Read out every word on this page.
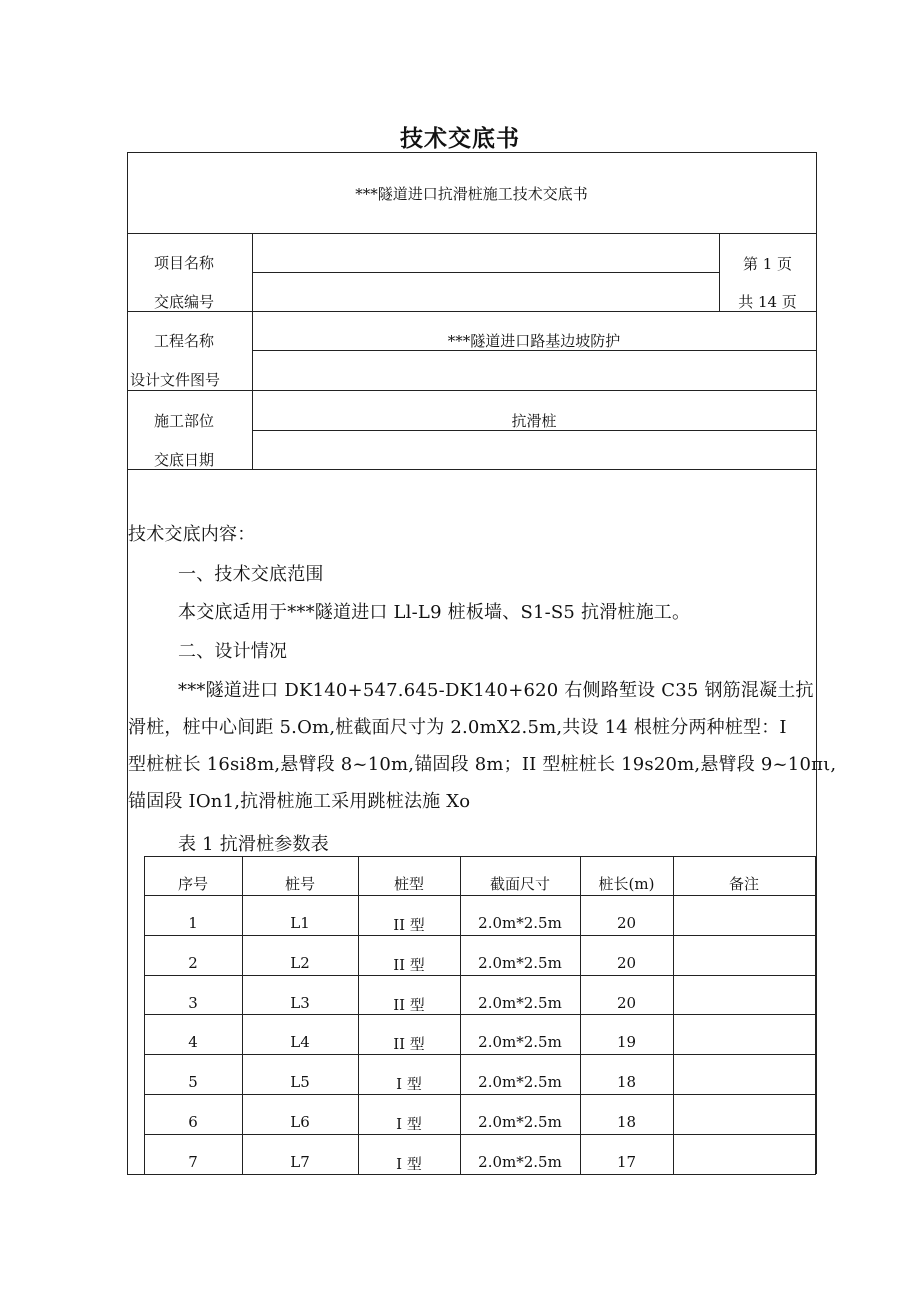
技术交底书
***隧道进口抗滑桩施工技术交底书
项目名称
交底编号
第 1 页
共 14 页
工程名称	***隧道进口路基边坡防护
设计文件图号
施工部位	抗滑桩
交底日期
技术交底内容：
一、技术交底范围
本交底适用于***隧道进口 Ll-L9 桩板墙、S1-S5 抗滑桩施工。
二、设计情况
***隧道进口 DK140+547.645-DK140+620 右侧路堑设 C35 钢筋混凝土抗
滑桩，桩中心间距 5.Om,桩截面尺寸为 2.0mX2.5m,共设 14 根桩分两种桩型：I
型桩桩长 16si8m,悬臂段 8~10m,锚固段 8m；II 型桩桩长 19s20m,悬臂段 9~10πι,
锚固段 IOn1,抗滑桩施工采用跳桩法施 Xo
表 1 抗滑桩参数表
序号	桩号	桩型	截面尺寸	桩长(m)	备注
1	L1	II 型	2.0m*2.5m	20
2	L2	II 型	2.0m*2.5m	20
3	L3	II 型	2.0m*2.5m	20
4	L4	II 型	2.0m*2.5m	19
5	L5	I 型	2.0m*2.5m	18
6	L6	I 型	2.0m*2.5m	18
7	L7	I 型	2.0m*2.5m	17
